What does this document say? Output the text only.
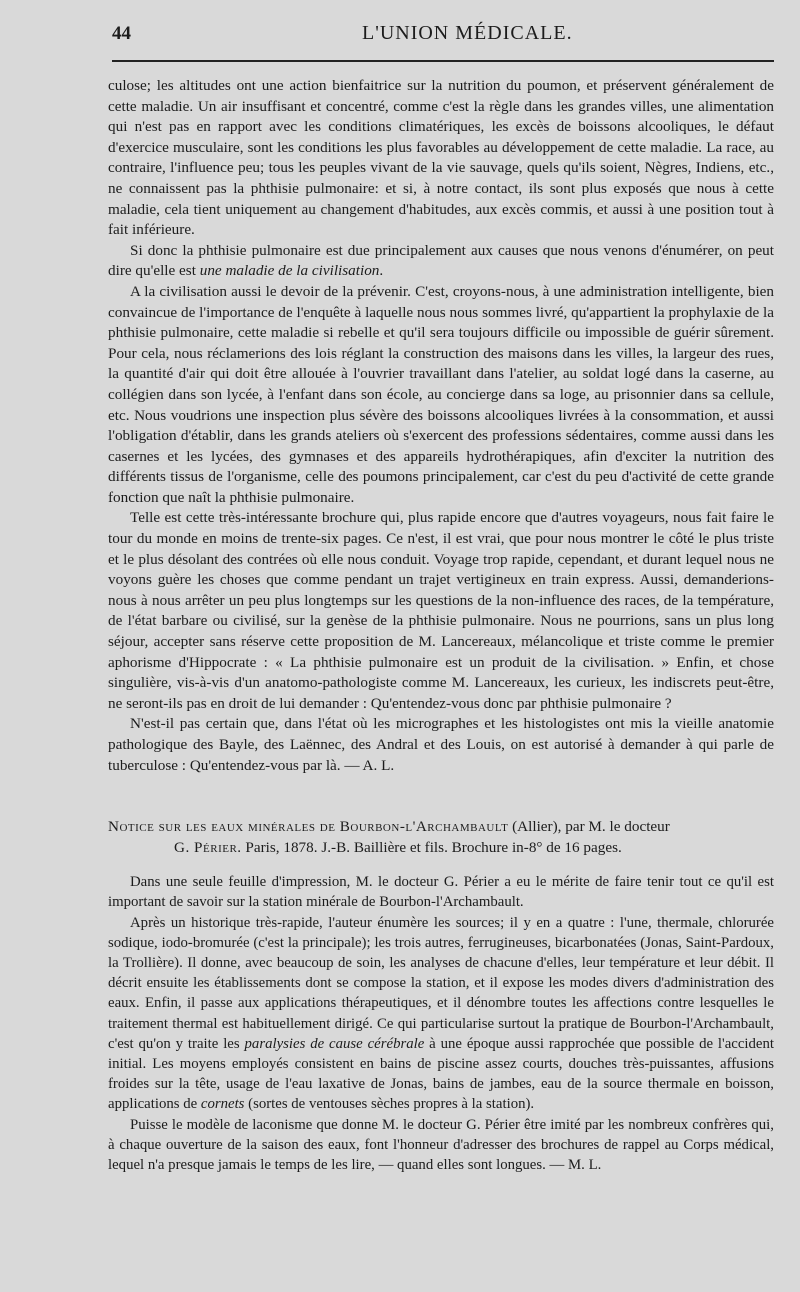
44	L'UNION MÉDICALE.

culose; les altitudes ont une action bienfaitrice sur la nutrition du poumon, et préservent généralement de cette maladie. Un air insuffisant et concentré, comme c'est la règle dans les grandes villes, une alimentation qui n'est pas en rapport avec les conditions climatériques, les excès de boissons alcooliques, le défaut d'exercice musculaire, sont les conditions les plus favorables au développement de cette maladie. La race, au contraire, l'influence peu; tous les peuples vivant de la vie sauvage, quels qu'ils soient, Nègres, Indiens, etc., ne connaissent pas la phthisie pulmonaire: et si, à notre contact, ils sont plus exposés que nous à cette maladie, cela tient uniquement au changement d'habitudes, aux excès commis, et aussi à une position tout à fait inférieure.

Si donc la phthisie pulmonaire est due principalement aux causes que nous venons d'énumérer, on peut dire qu'elle est une maladie de la civilisation.

A la civilisation aussi le devoir de la prévenir. C'est, croyons-nous, à une administration intelligente, bien convaincue de l'importance de l'enquête à laquelle nous nous sommes livré, qu'appartient la prophylaxie de la phthisie pulmonaire, cette maladie si rebelle et qu'il sera toujours difficile ou impossible de guérir sûrement. Pour cela, nous réclamerions des lois réglant la construction des maisons dans les villes, la largeur des rues, la quantité d'air qui doit être allouée à l'ouvrier travaillant dans l'atelier, au soldat logé dans la caserne, au collégien dans son lycée, à l'enfant dans son école, au concierge dans sa loge, au prisonnier dans sa cellule, etc. Nous voudrions une inspection plus sévère des boissons alcooliques livrées à la consommation, et aussi l'obligation d'établir, dans les grands ateliers où s'exercent des professions sédentaires, comme aussi dans les casernes et les lycées, des gymnases et des appareils hydrothérapiques, afin d'exciter la nutrition des différents tissus de l'organisme, celle des poumons principalement, car c'est du peu d'activité de cette grande fonction que naît la phthisie pulmonaire.

Telle est cette très-intéressante brochure qui, plus rapide encore que d'autres voyageurs, nous fait faire le tour du monde en moins de trente-six pages. Ce n'est, il est vrai, que pour nous montrer le côté le plus triste et le plus désolant des contrées où elle nous conduit. Voyage trop rapide, cependant, et durant lequel nous ne voyons guère les choses que comme pendant un trajet vertigineux en train express. Aussi, demanderions-nous à nous arrêter un peu plus longtemps sur les questions de la non-influence des races, de la température, de l'état barbare ou civilisé, sur la genèse de la phthisie pulmonaire. Nous ne pourrions, sans un plus long séjour, accepter sans réserve cette proposition de M. Lancereaux, mélancolique et triste comme le premier aphorisme d'Hippocrate : « La phthisie pulmonaire est un produit de la civilisation. » Enfin, et chose singulière, vis-à-vis d'un anatomo-pathologiste comme M. Lancereaux, les curieux, les indiscrets peut-être, ne seront-ils pas en droit de lui demander : Qu'entendez-vous donc par phthisie pulmonaire ?

N'est-il pas certain que, dans l'état où les micrographes et les histologistes ont mis la vieille anatomie pathologique des Bayle, des Laënnec, des Andral et des Louis, on est autorisé à demander à qui parle de tuberculose : Qu'entendez-vous par là. — A. L.

Notice sur les eaux minérales de Bourbon-l'Archambault (Allier), par M. le docteur
G. Périer. Paris, 1878. J.-B. Baillière et fils. Brochure in-8° de 16 pages.

Dans une seule feuille d'impression, M. le docteur G. Périer a eu le mérite de faire tenir tout ce qu'il est important de savoir sur la station minérale de Bourbon-l'Archambault.

Après un historique très-rapide, l'auteur énumère les sources; il y en a quatre : l'une, thermale, chlorurée sodique, iodo-bromurée (c'est la principale); les trois autres, ferrugineuses, bicarbonatées (Jonas, Saint-Pardoux, la Trollière). Il donne, avec beaucoup de soin, les analyses de chacune d'elles, leur température et leur débit. Il décrit ensuite les établissements dont se compose la station, et il expose les modes divers d'administration des eaux. Enfin, il passe aux applications thérapeutiques, et il dénombre toutes les affections contre lesquelles le traitement thermal est habituellement dirigé. Ce qui particularise surtout la pratique de Bourbon-l'Archambault, c'est qu'on y traite les paralysies de cause cérébrale à une époque aussi rapprochée que possible de l'accident initial. Les moyens employés consistent en bains de piscine assez courts, douches très-puissantes, affusions froides sur la tête, usage de l'eau laxative de Jonas, bains de jambes, eau de la source thermale en boisson, applications de cornets (sortes de ventouses sèches propres à la station).

Puisse le modèle de laconisme que donne M. le docteur G. Périer être imité par les nombreux confrères qui, à chaque ouverture de la saison des eaux, font l'honneur d'adresser des brochures de rappel au Corps médical, lequel n'a presque jamais le temps de les lire, — quand elles sont longues. — M. L.
